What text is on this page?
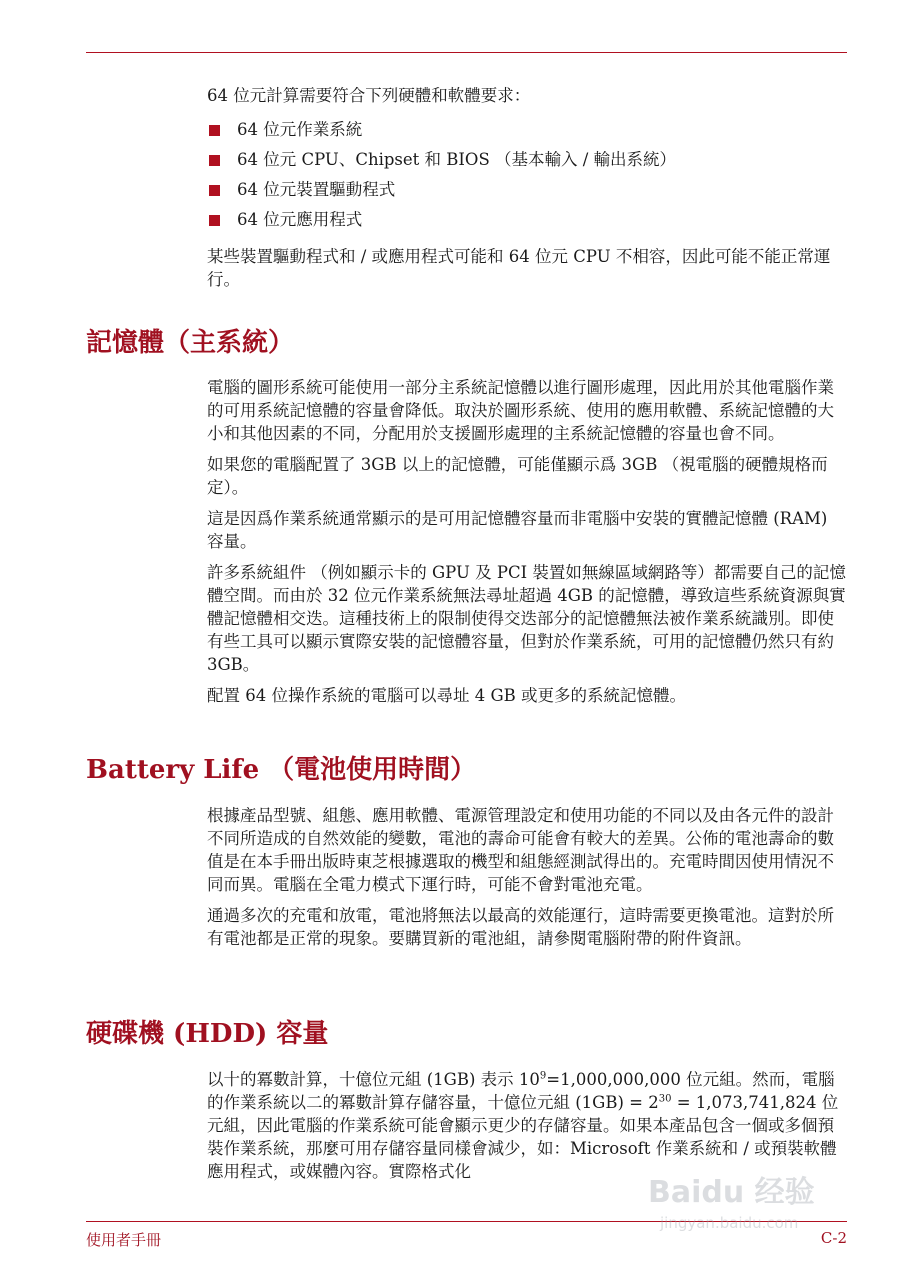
64 位元計算需要符合下列硬體和軟體要求：

64 位元作業系統
64 位元 CPU、Chipset 和 BIOS （基本輸入 / 輸出系統）
64 位元裝置驅動程式
64 位元應用程式

某些裝置驅動程式和 / 或應用程式可能和 64 位元 CPU 不相容，因此可能不能正常運行。

記憶體（主系統）

電腦的圖形系統可能使用一部分主系統記憶體以進行圖形處理，因此用於其他電腦作業的可用系統記憶體的容量會降低。取決於圖形系統、使用的應用軟體、系統記憶體的大小和其他因素的不同，分配用於支援圖形處理的主系統記憶體的容量也會不同。

如果您的電腦配置了 3GB 以上的記憶體，可能僅顯示爲 3GB （視電腦的硬體規格而定）。

這是因爲作業系統通常顯示的是可用記憶體容量而非電腦中安裝的實體記憶體 (RAM) 容量。

許多系統組件 （例如顯示卡的 GPU 及 PCI 裝置如無線區域網路等）都需要自己的記憶體空間。而由於 32 位元作業系統無法尋址超過 4GB 的記憶體，導致這些系統資源與實體記憶體相交迭。這種技術上的限制使得交迭部分的記憶體無法被作業系統識別。即使有些工具可以顯示實際安裝的記憶體容量，但對於作業系統，可用的記憶體仍然只有約 3GB。

配置 64 位操作系統的電腦可以尋址 4 GB 或更多的系統記憶體。

Battery Life （電池使用時間）

根據產品型號、組態、應用軟體、電源管理設定和使用功能的不同以及由各元件的設計不同所造成的自然效能的變數，電池的壽命可能會有較大的差異。公佈的電池壽命的數值是在本手冊出版時東芝根據選取的機型和組態經測試得出的。充電時間因使用情況不同而異。電腦在全電力模式下運行時，可能不會對電池充電。

通過多次的充電和放電，電池將無法以最高的效能運行，這時需要更換電池。這對於所有電池都是正常的現象。要購買新的電池組，請參閱電腦附帶的附件資訊。

硬碟機 (HDD) 容量

以十的冪數計算，十億位元組 (1GB) 表示 $10^9=1,000,000,000$ 位元組。然而，電腦的作業系統以二的冪數計算存儲容量，十億位元組 $(1GB) = 2^{30} = 1,073,741,824$ 位元組，因此電腦的作業系統可能會顯示更少的存儲容量。如果本產品包含一個或多個預裝作業系統，那麼可用存儲容量同樣會減少，如：Microsoft 作業系統和 / 或預裝軟體應用程式，或媒體內容。實際格式化

使用者手冊	C-2
Baidu 经验
jingyan.baidu.com
